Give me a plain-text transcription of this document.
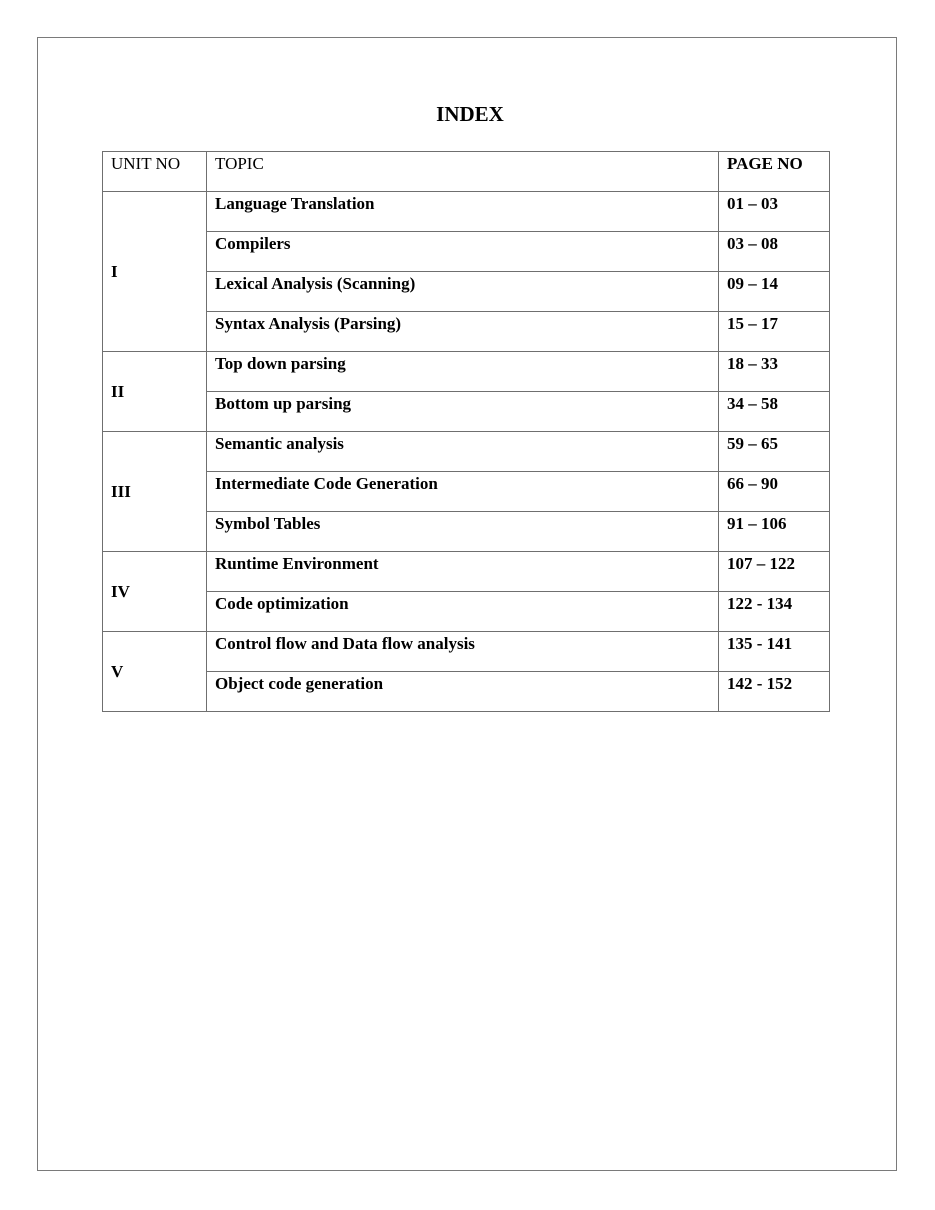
INDEX
UNIT NO	TOPIC	PAGE NO
I	Language Translation	01 – 03
	Compilers	03 – 08
	Lexical Analysis (Scanning)	09 – 14
	Syntax Analysis (Parsing)	15 – 17
II	Top down parsing	18 – 33
	Bottom up parsing	34 – 58
III	Semantic analysis	59 – 65
	Intermediate Code Generation	66 – 90
	Symbol Tables	91 – 106
IV	Runtime Environment	107 – 122
	Code optimization	122 - 134
V	Control flow and Data flow analysis	135 - 141
	Object code generation	142 - 152
